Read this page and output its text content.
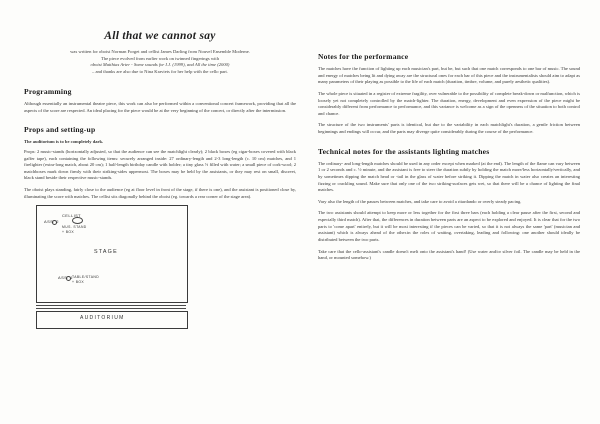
All that we cannot say
was written for oboist Norman Forget and cellist James Darling from Nouvel Ensemble Moderne.
The piece evolved from earlier work on twinned fingerings with
oboist Matthias Arter - Some sounds for I.J. (1999), and All the time (2000)
– and thanks are also due to Nina Kraviets for her help with the cello part.
Programming

Although essentially an instrumental theatre piece, this work can also be performed within a conventional concert framework, providing that all the aspects of the score are respected. An ideal placing for the piece would be at the very beginning of the concert, or directly after the intermission.

Props and setting-up

The auditorium is to be completely dark.

Props: 2 music-stands (horizontally adjusted, so that the audience can see the matchlight clearly); 2 black boxes (eg cigar-boxes covered with black gaffer tape), each containing the following items: securely arranged inside: 27 ordinary-length and 2-3 long-length (c. 10 cm) matches, and 1 firelighter (extra-long match, about 20 cm); 1 half-length birthday candle with holder; a tiny glass ½ filled with water; a small piece of cork-wool; 2 matchboxes mark down firmly with their striking-sides uppermost. The boxes may be held by the assistants, or they may rest on small, discreet, black stand beside their respective music-stands.

The oboist plays standing, fairly close to the audience (eg at floor level in front of the stage, if there is one), and the assistant is positioned close by, illuminating the score with matches. The cellist sits diagonally behind the oboist (eg. towards a rear corner of the stage area).

CELLIST
ASS. 2
MUS. STAND
+ BOX
STAGE
ASS. 1 TABLE/STAND
+ BOX
AUDITORIUM
Notes for the performance

The matches have the function of lighting up each musician's part, but be, but such that one match corresponds to one bar of music. The sound and energy of matches being lit and dying away are the structural ones for each bar of this piece and the instrumentalists should aim to adapt as many parameters of their playing as possible to the life of each match (duration, timbre, volume, and purely aesthetic qualities).

The whole piece is situated in a register of extreme fragility, over vulnerable to the possibility of complete break-down or malfunction, which is loosely yet not completely controlled by the match-lighter. The duration, energy, development and even expression of the piece might be considerably different from performance to performance, and this variance is welcome as a sign of the openness of the situation to both control and chance.

The structure of the two instruments' parts is identical, but due to the variability in each matchlight's duration, a gentle friction between beginnings and endings will occur, and the parts may diverge quite considerably during the course of the performance.

Technical notes for the assistants lighting matches

The ordinary- and long-length matches should be used in any order except when marked (at the end). The length of the flame can vary between 1 or 2 seconds and c. ½ minute, and the assistant is free to steer the duration subtly by holding the match more/less horizontally/vertically, and by sometimes dipping the match head or -tail in the glass of water before striking it. Dipping the match in water also creates an interesting fizzing or crackling sound. Make sure that only one of the two striking-surfaces gets wet, so that there will be a chance of lighting the final matches.

Vary also the length of the pauses between matches, and take care to avoid a ritardando or overly steady pacing.

The two assistants should attempt to keep more or less together for the first three bars (each holding a clear pause after the first, second and especially third match). After that, the differences in duration between parts are an aspect to be explored and enjoyed. It is clear that for the two parts to 'come apart' entirely, but it will be most interesting if the pieces can be varied, so that it is not always the same 'part' (musician and assistant) which is always ahead of the other.in the roles of waiting, overtaking, leading and following: one another should ideally be distributed between the two parts.

Take care that the cello-assistant's candle doesn't melt onto the assistant's hand! (Use water and/or silver foil. The candle may be held in the hand, or mounted somehow.)
